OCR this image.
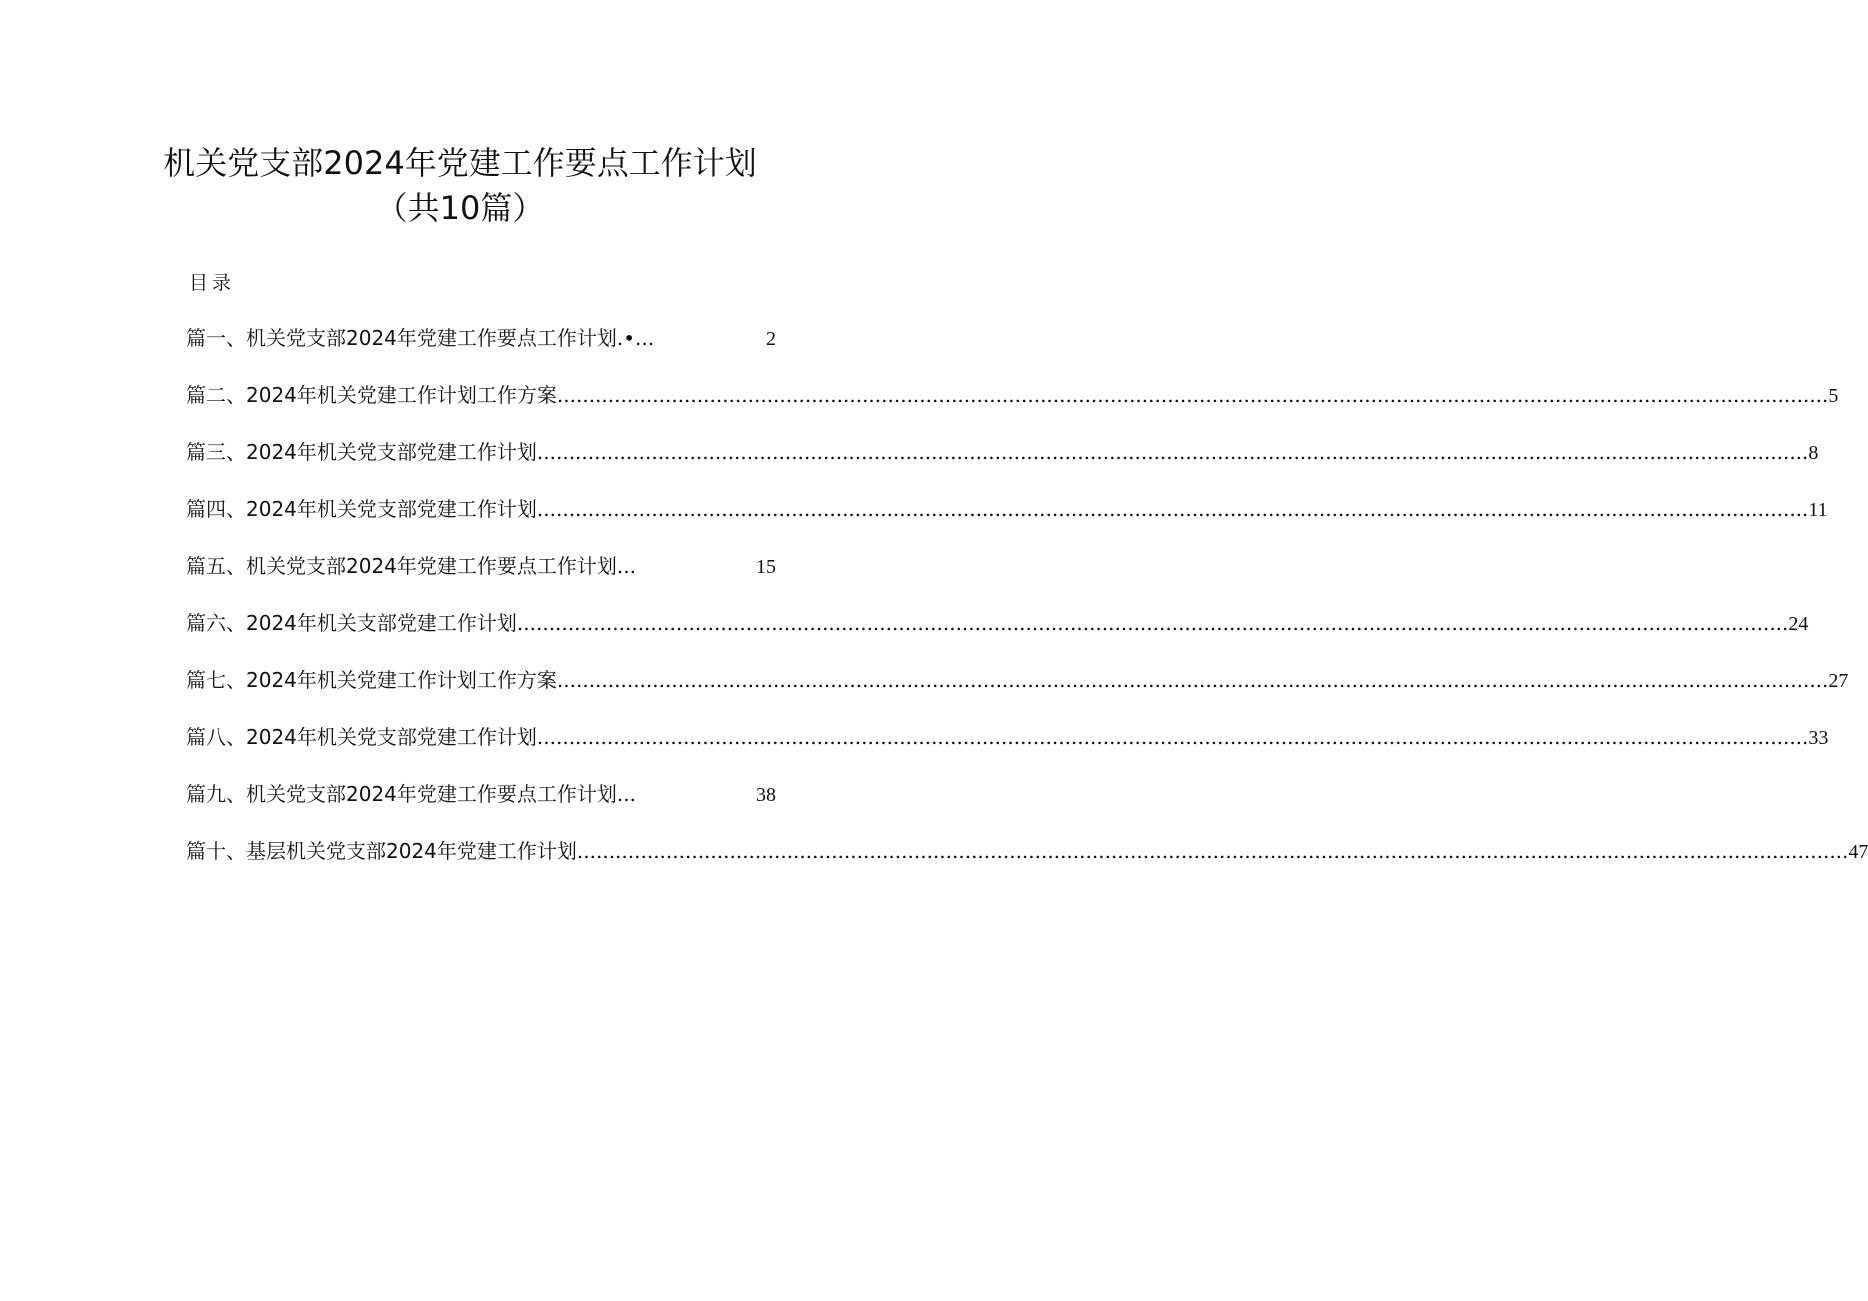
机关党支部2024年党建工作要点工作计划
（共10篇）
目录
篇一、机关党支部2024年党建工作要点工作计划 .•...	2
篇二、2024年机关党建工作计划工作方案 ........................................................................................................................................................................................................ 5
篇三、2024年机关党支部党建工作计划 ........................................................................................................................................................................................................ 8
篇四、2024年机关党支部党建工作计划 ........................................................................................................................................................................................................ 11
篇五、机关党支部2024年党建工作要点工作计划 ...	15
篇六、2024年机关支部党建工作计划 ........................................................................................................................................................................................................ 24
篇七、2024年机关党建工作计划工作方案 ........................................................................................................................................................................................................ 27
篇八、2024年机关党支部党建工作计划 ........................................................................................................................................................................................................ 33
篇九、机关党支部2024年党建工作要点工作计划 ...	38
篇十、基层机关党支部2024年党建工作计划 ........................................................................................................................................................................................................ 47
